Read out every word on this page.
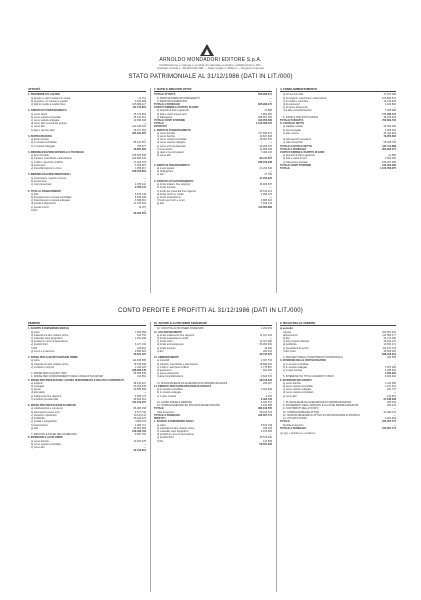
ARNOLDO MONDADORI EDITORE S.p.A.
Pubblicazione e stampa e vendita di materiale periodico, pubblicazioni e libri.
Capitale sociale L. 99.000.000.000 — Sede legale in Milano — Registro Imprese
STATO PATRIMONIALE AL 31/12/1986 (DATI IN LIT./000)
ATTIVITÀ
1. DISPONIBILITÀ LIQUIDE
a) denaro e valori esistenti in cassa	21.701
b) depositi e c/c bancari e postali	3.446.809
c) titoli di credito a reddito fisso	105.868.117
111.744.652
2. CREDITI DI FUNZIONAMENTO
a) verso clienti	45.176.864
b) verso società controllate	25.131.614
c) verso società collegate	10.358.308
d) verso altre società del gruppo	—
e) verso altri	212.445.103
f) ratei e risconti attivi	26.127.054
305.184.287
3. PARTECIPAZIONI
a) azioni proprie	—
b) in società controllate	85.101.507
c) in società collegate	785.577
33.887.084
4. IMMOBILIZZAZIONI MATERIALI E TECNICHE
a) beni immobili	105.605.846
b) impianti, macchinari e attrezzature	169.660.044
c) mobili e macchine d'ufficio	17.461.722
d) automezzi	3.452.687
e) immobilizzazioni in corso	1.058.917
269.053.804
5. IMMOBILIZZAZIONI IMMATERIALI
a) concessioni, marchi e licenze	—
b) avviamento	—
c) costi pluriennali	2.785.441
2.785.441
6. TITOLI E FINANZIAMENTI
a) titoli	9.976.146
b) finanziamenti a società controllate	8.633.499
c) finanziamenti a società collegate	3.898.961
d) prestiti a dipendenti	21.105.916
e) prestiti a terzi	11.167
f) altri	—
60.262.554
7. RATEI E RISCONTI ATTIVI
TOTALE ATTIVITÀ	905.996.271
8. PERDITE ESERCIZI PRECEDENTI	—
9. PERDITE D'ESERCIZIO	—
TOTALE A PAREGGIO	905.996.271
CONTI D'ORDINE E PARTITE DI GIRO
a) depositi di titoli a garanzia	21.580
b) titoli e valori presso terzi	1.800.250
c) fideiussioni	298.567.360
TOTALE CONTI D'ORDINE	190.056.596
TOTALE	1.100.058.075
PASSIVITÀ
1. DEBITI DI FUNZIONAMENTO
a) verso fornitori	117.659.673
b) verso banche	40.847.666
c) verso società controllate	15.307.847
d) verso società collegate	—
e) verso enti previdenziali	19.298.076
f) verso erario	11.858.649
g) ratei e risconti passivi	6.460.115
h) verso altri	—
80.441.697
286.159.948
2. DEBITI DI FINANZIAMENTO
a) mutui passivi	21.203.306
b) obbligazioni	—
c) altri	37.706
21.256.026
3. FONDI DI ACCANTONAMENTO
a) fondo trattam. fine rapporto	36.929.597
b) fondo imposte	—
c) fondo per indennità fine rapporto	36.513.401
d) fondo rischi su crediti	3.068.175
e) fondo svalutazione	—
f) fondo per rischi e oneri	3.888.613
g) altri	7.539.134
114.065.883
4. FONDI AMMORTAMENTO
a) di beni immobili	17.513.908
b) di impianti, macchinari e attrezzature	103.580.573
c) di mobili e macchine	13.149.845
d) di automezzi	2.440.864
e) di spese pluriennali	—
f) di altre immobilizzazioni	7.398.608
171.480.715
5. RATEI E RISCONTI PASSIVI	35.165.303
TOTALE PASSIVITÀ	709.609.733
6. CAPITALE NETTO
a) capitale sociale	42.000.182
b) riserva legale	4.008.000
c) altre riserve	33.041.964
79.050.000
d) utili esercizi precedenti	—
e) utile d'esercizio	95.185.793
TOTALE CAPITALE NETTO	187.114.888
TOTALE A PAREGGIO	905.996.271
CONTI D'ORDINE E PARTITE DI GIRO
a) depositi di titoli a garanzia	21.580
b) titoli e valori di terzi	1.800.250
c) fideiussioni prestate	188.267.356
TOTALE CONTI D'ORDINE	190.056.596
TOTALE	1.100.058.075
CONTO PERDITE E PROFITTI AL 31/12/1986 (DATI IN LIT./000)
PERDITE
1. SCORTE E RIMANENZE INIZIALI
a) carta	7.663.858
b) materiali ed altre materie prime	342.753
c) materiale vario tipografico	1.941.296
d) prodotti in corso di lavorazione	—
e) prodotti finiti	3.127.166
f) libri	128.451
g) merci e rimanenze	2.890.623
33.870.187
2. SPESE PER ACQUISTI MATERIE PRIME
a) carta	111.496.865
b) materiali ed altre materie prime	79.766.468
c) inchiostri e chimici	1.010.122
188.383.145
3. SPESE PER ACQUISTI VARI	98.608.545
4. SPESE PER FUNZIONAMENTO DEGLI ORGANI SOCIETARI	313.561
5. SPESE PER PRESTAZIONI, LAVORO SUBORDINATO E RELATIVI CONTRIBUTI
a) dirigenti	38.415.321
b) impiegati	63.353.545
c) operai	40.685.968
d) giornalisti	—
e) trattamento fine rapporto	6.683.773
f) contributi previdenziali	39.602.461
194.102.257
6. SPESE PER PRESTAZIONI DI SERVIZI
a) collaborazioni e compensi	86.088.156
b) lavorazioni presso terzi	9.577.744
c) trasporti e spedizioni	66.514.111
d) pubblicità	25.443.247
e) postali e telegrafiche	4.962.119
f) assicurazioni	1.280.717
g) altri	26.602.800
219.469.794
7. IMPOSTE E TASSE DELL'ESERCIZIO	9.897.764
8. INTERESSI E ALTRI ONERI
a) verso banche	10.307.475
b) verso società controllate	—
c) verso altri	—
29.419.801
10. SCONTI E ALTRI ONERI FINANZIARI
10. SCONTI E ALTRI ONERI FINANZIARI	1.201.454
11. ACCANTONAMENTI
a) fondo trattamento fine rapporto	11.317.224
b) fondo svalutazione crediti	—
c) fondo rischi	11.327.080
d) fondo ammortamento	80.000.000
e) fondo imposte	16.400
f) altri	280.163
36.744.475
12. AMMORTAMENTI
a) immobili	2.367.763
b) impianti, macchinari e attrezzature	18.894.000
c) mobili e macchine d'ufficio	1.775.897
d) automezzi	921.450
e) spese pluriennali	—
f) altre immobilizzazioni	3.604.572
28.158.330
13. MINUSVALENZE DA ALIENAZIONI DI IMMOBILIZZAZIONI	293.027
14. PERDITE PER PARTECIPAZIONI IN SOCIETÀ
a) in società controllate	3.491.609
b) in società collegate	—
c) in altre società	3.120
3.494.733
15. ALTRE SPESE E PERDITE	8.020.037
16. SOPRAVVENIENZE ED INSUSSISTENZE PASSIVE	2.440.688
TOTALE	880.016.505
Utile d'esercizio	95.105.793
TOTALE A PAREGGIO	942.067.774
PROFITTI
1. SCORTE E RIMANENZE FINALI
a) carta	8.570.149
b) materiali ed altre materie prime	453.126
c) materiale vario tipografico	2.073.905
d) prodotti in corso di lavorazione	—
e) prodotti finiti	36.576.452
f) libri	114.508
58.561.920
2. RICAVI DELLE VENDITE
a) periodici
edicola	391.557.941
abbonamenti	114.556.177
b) libri	22.713.050
c) altri prodotti editoriali	28.611.170
d) pubblicità	13.500.171
e) prestazioni di servizi	111.617.703
f) altri ricavi	45.626.305
838.318.919
3. PROVENTI DEGLI INVESTIMENTI PATRIMONIALI	320.585
4. DIVIDENDI DELLE PARTECIPAZIONI
a) in società controllate	—
b) in società collegate	1.557.000
c) in altre società	2.365.600
4.000.900
5. INTERESSI SU TITOLI A REDDITO FISSO	8.922.922
6. INTERESSI DEI CREDITI
a) verso banche	1.013.566
b) verso società controllate	1.217.314
c) verso società collegate	241.770
d) verso società controllanti	—
e) verso altri	414.561
21.548.286
7. PLUSVALENZE DA ALIENAZIONE DI IMMOBILIZZAZIONI	185.154
8. INCREMENTI DEGLI IMPIANTI E DI ALTRE IMMOBILIZZAZIONI	180.443
9. CONTRIBUTI DELLO STATO	—
10. SOPRAVVENIENZE ATTIVE	24.480.114
11. SOPRAVVENIENZE DI ATTIVO E INSUSSISTENZE DI PASSIVO	—
12. UTILIZZO FONDI	3.200.906
TOTALE	942.067.774
Perdita d'esercizio	—
TOTALE A PAREGGIO	942.067.774
(1) Agg. e Sottolinea e condizioni
